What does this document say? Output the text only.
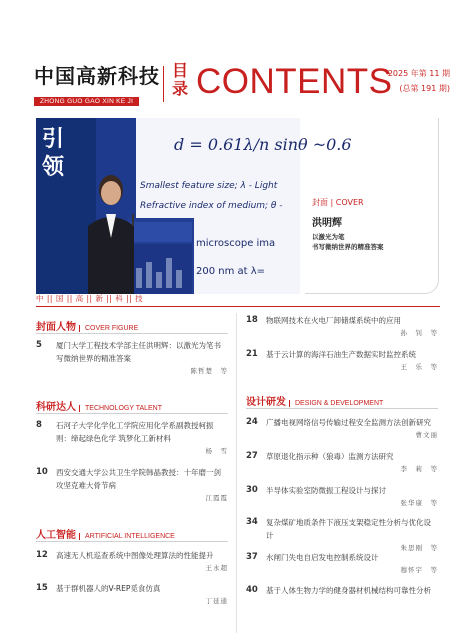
中国高新科技
ZHONG GUO GAO XIN KE JI
目
录 CONTENTS
2025 年第 11 期
(总第 191 期)
引
领
d = 0.61λ/n sinθ ~0.6
Smallest feature size; λ - Light
Refractive index of medium; θ -
microscope ima
200 nm at λ=
封面 | COVER
洪明辉
以激光为笔
书写微纳世界的精准答案
中 || 国 || 高 || 新 || 科 || 技
封面人物 COVER FIGURE
5	厦门大学工程技术学部主任洪明辉：以激光为笔书写微纳世界的精准答案
陈哲楚　等
科研达人 TECHNOLOGY TALENT
8	石河子大学化学化工学院应用化学系副教授柯振则：缔起绿色化学 筑梦化工新材料
杨　雪
10	西安交通大学公共卫生学院韩晶教授：十年磨一剑 攻坚克难大骨节病
江霞霞
人工智能 ARTIFICIAL INTELLIGENCE
12	高速无人机巡查系统中图像处理算法的性能提升
王永超
15	基于群机器人的V-REP觅食仿真
丁延通
18	物联网技术在火电厂卸储煤系统中的应用
孙　钊　等
21	基于云计算的海洋石油生产数据实时监控系统
王　乐　等
设计研发 DESIGN & DEVELOPMENT
24	广播电视网络信号传输过程安全监测方法创新研究
曹文丽
27	草原退化指示种（狼毒）监测方法研究
李　莉　等
30	半导体实验室防微振工程设计与探讨
张华康　等
34	复杂煤矿地质条件下液压支架稳定性分析与优化设计
朱思刚　等
37	水闸门失电自启发电控制系统设计
穆怀宇　等
40	基于人体生物力学的健身器材机械结构可靠性分析
